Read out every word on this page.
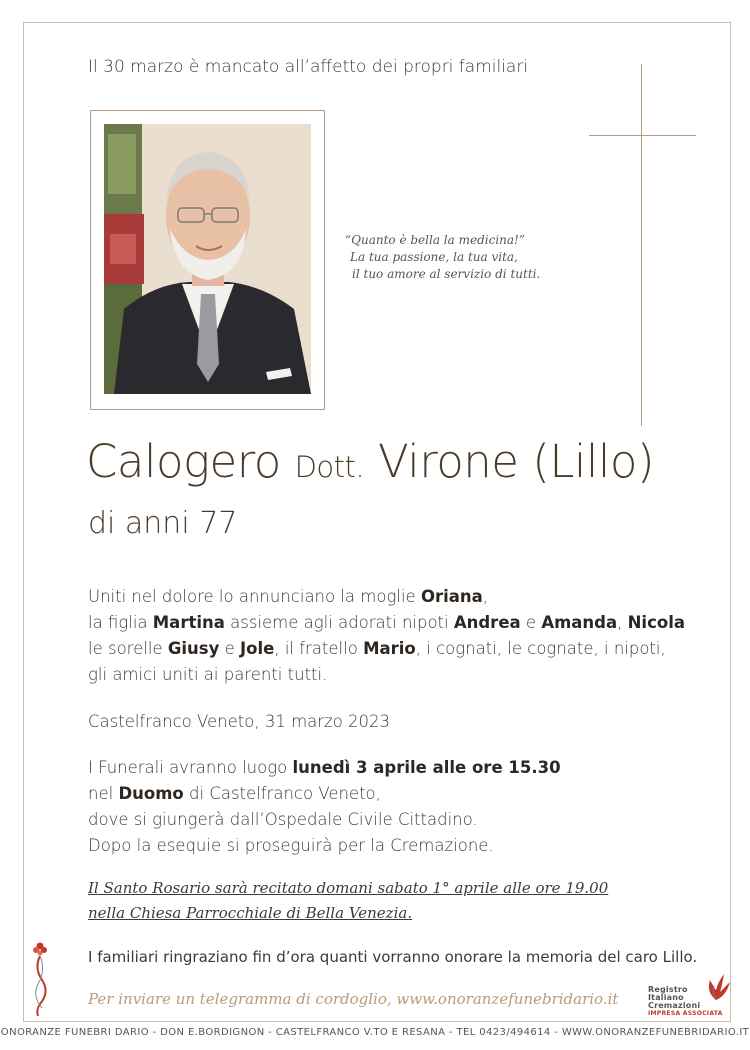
Il 30 marzo è mancato all’affetto dei propri familiari
“Quanto è bella la medicina!”
La tua passione, la tua vita,
il tuo amore al servizio di tutti.
Calogero Dott. Virone (Lillo)
di anni 77
Uniti nel dolore lo annunciano la moglie Oriana,
la figlia Martina assieme agli adorati nipoti Andrea e Amanda, Nicola
le sorelle Giusy e Jole, il fratello Mario, i cognati, le cognate, i nipoti,
gli amici uniti ai parenti tutti.
Castelfranco Veneto, 31 marzo 2023
I Funerali avranno luogo lunedì 3 aprile alle ore 15.30
nel Duomo di Castelfranco Veneto,
dove si giungerà dall’Ospedale Civile Cittadino.
Dopo la esequie si proseguirà per la Cremazione.
Il Santo Rosario sarà recitato domani sabato 1° aprile alle ore 19.00
nella Chiesa Parrocchiale di Bella Venezia.
I familiari ringraziano fin d’ora quanti vorranno onorare la memoria del caro Lillo.
Per inviare un telegramma di cordoglio, www.onoranzefunebridario.it
Registro
Italiano
Cremazioni
IMPRESA ASSOCIATA
ONORANZE FUNEBRI DARIO - DON E.BORDIGNON - CASTELFRANCO V.TO E RESANA - TEL 0423/494614 - WWW.ONORANZEFUNEBRIDARIO.IT
